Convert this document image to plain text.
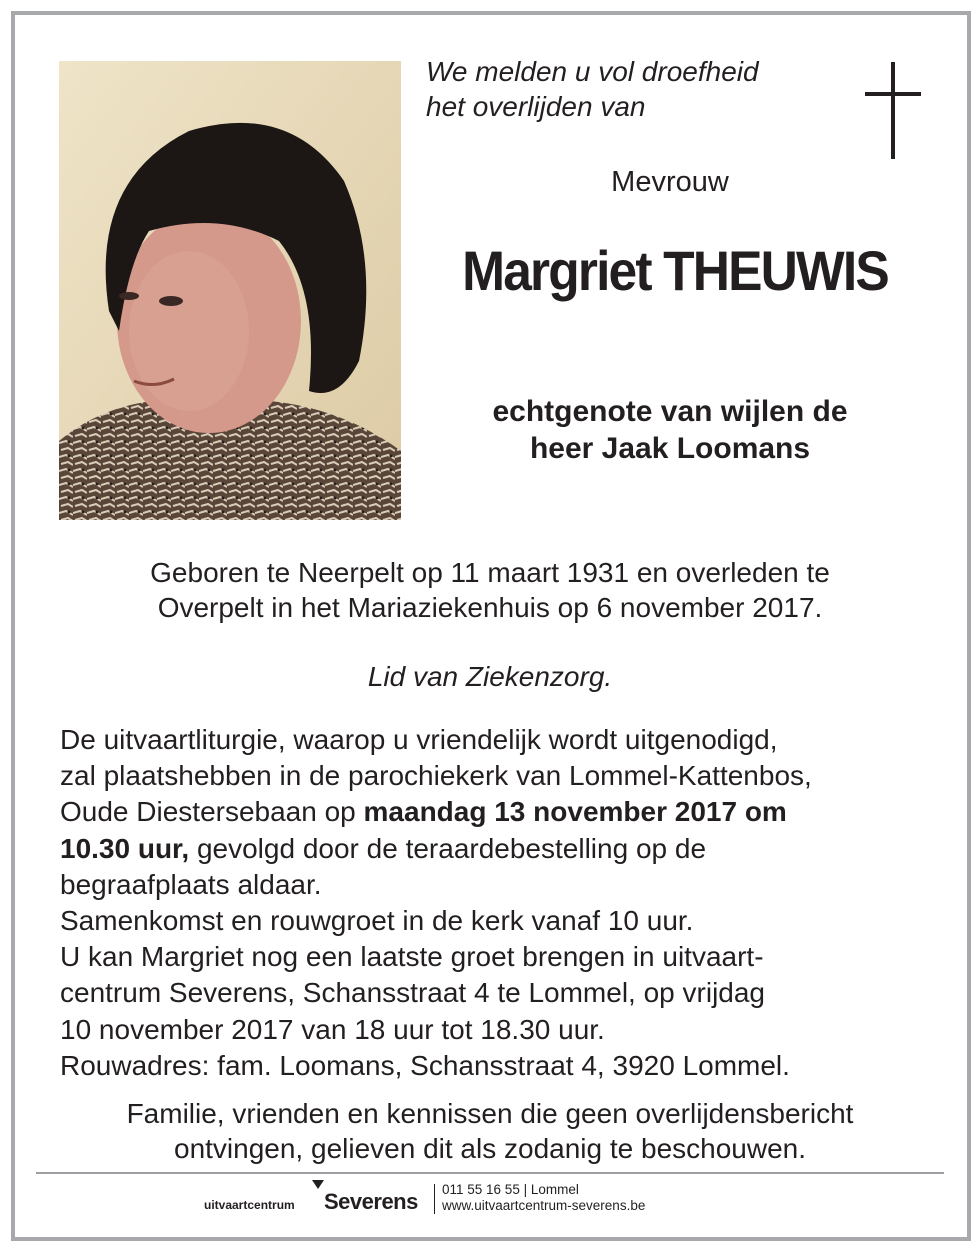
We melden u vol droefheid
het overlijden van
Mevrouw
Margriet THEUWIS
echtgenote van wijlen de
heer Jaak Loomans
Geboren te Neerpelt op 11 maart 1931 en overleden te
Overpelt in het Mariaziekenhuis op 6 november 2017.
Lid van Ziekenzorg.
De uitvaartliturgie, waarop u vriendelijk wordt uitgenodigd,
zal plaatshebben in de parochiekerk van Lommel-Kattenbos,
Oude Diestersebaan op maandag 13 november 2017 om
10.30 uur, gevolgd door de teraardebestelling op de
begraafplaats aldaar.
Samenkomst en rouwgroet in de kerk vanaf 10 uur.
U kan Margriet nog een laatste groet brengen in uitvaart-
centrum Severens, Schansstraat 4 te Lommel, op vrijdag
10 november 2017 van 18 uur tot 18.30 uur.
Rouwadres: fam. Loomans, Schansstraat 4, 3920 Lommel.
Familie, vrienden en kennissen die geen overlijdensbericht
ontvingen, gelieven dit als zodanig te beschouwen.
uitvaartcentrum Severens 011 55 16 55 | Lommel
www.uitvaartcentrum-severens.be
